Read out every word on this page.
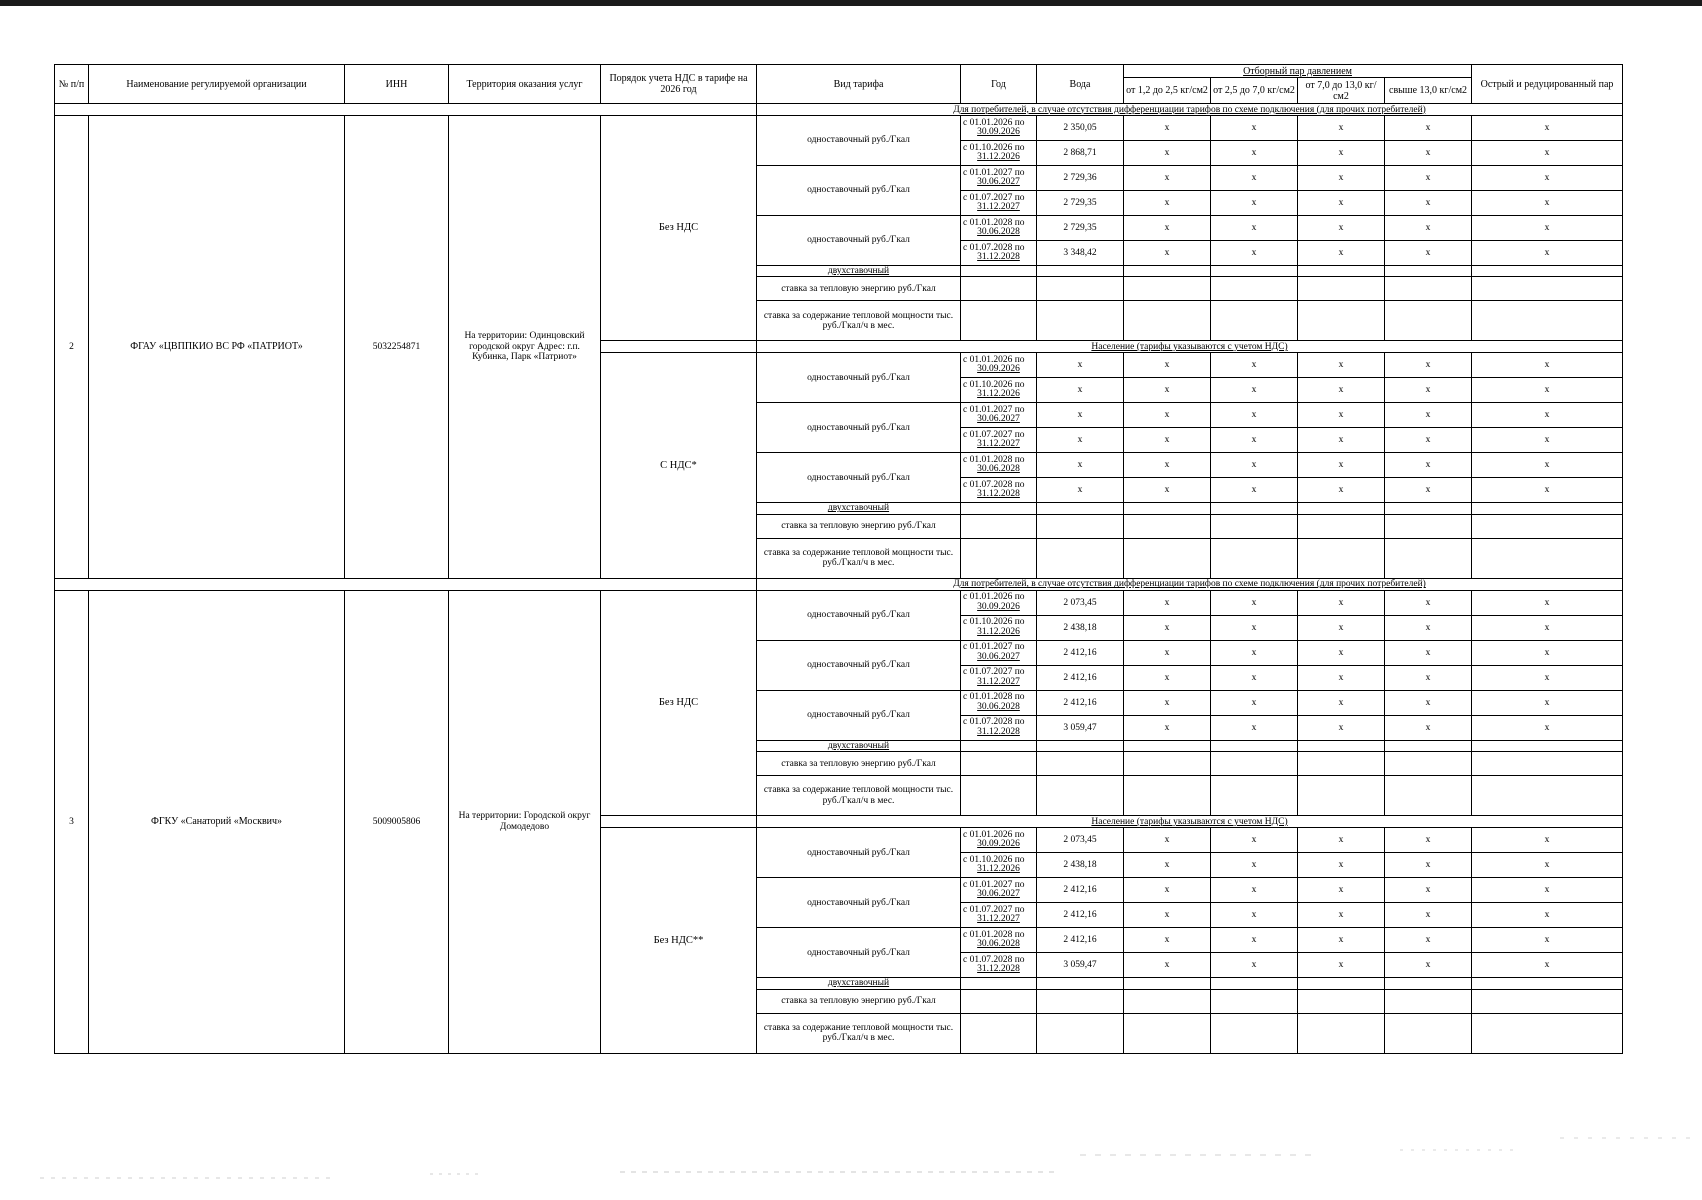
№ п/п	Наименование регулируемой организации	ИНН	Территория оказания услуг	Порядок учета НДС в тарифе на 2026 год	Вид тарифа	Год	Вода	Отборный пар давлением				Острый и редуцированный пар
								от 1,2 до 2,5 кг/см2	от 2,5 до 7,0 кг/см2	от 7,0 до 13,0 кг/см2	свыше 13,0 кг/см2	
					Для потребителей, в случае отсутствия дифференциации тарифов по схеме подключения (для прочих потребителей)							
2	ФГАУ «ЦВППКИО ВС РФ «ПАТРИОТ»	5032254871	На территории: Одинцовский городской округ Адрес: г.п. Кубинка, Парк «Патриот»	Без НДС	одноставочный руб./Гкал	с 01.01.2026 по
30.09.2026	2 350,05	x	x	x	x	x

						с 01.10.2026 по
31.12.2026	2 868,71	x	x	x	x	x
					одноставочный руб./Гкал	с 01.01.2027 по
30.06.2027	2 729,36	x	x	x	x	x

						с 01.07.2027 по
31.12.2027	2 729,35	x	x	x	x	x
					одноставочный руб./Гкал	с 01.01.2028 по
30.06.2028	2 729,35	x	x	x	x	x

						с 01.07.2028 по
31.12.2028	3 348,42	x	x	x	x	x
					двухставочный							
					ставка за тепловую энергию руб./Гкал							
					ставка за содержание тепловой мощности тыс. руб./Гкал/ч в мес.							
					Население (тарифы указываются с учетом НДС)							
				С НДС*	одноставочный руб./Гкал	с 01.01.2026 по
30.09.2026	x	x	x	x	x	x

						с 01.10.2026 по
31.12.2026	x	x	x	x	x	x
					одноставочный руб./Гкал	с 01.01.2027 по
30.06.2027	x	x	x	x	x	x

						с 01.07.2027 по
31.12.2027	x	x	x	x	x	x
					одноставочный руб./Гкал	с 01.01.2028 по
30.06.2028	x	x	x	x	x	x

						с 01.07.2028 по
31.12.2028	x	x	x	x	x	x
					двухставочный							
					ставка за тепловую энергию руб./Гкал							
					ставка за содержание тепловой мощности тыс. руб./Гкал/ч в мес.							
					Для потребителей, в случае отсутствия дифференциации тарифов по схеме подключения (для прочих потребителей)							
3	ФГКУ «Санаторий «Москвич»	5009005806	На территории: Городской округ Домодедово	Без НДС	одноставочный руб./Гкал	с 01.01.2026 по
30.09.2026	2 073,45	x	x	x	x	x

						с 01.10.2026 по
31.12.2026	2 438,18	x	x	x	x	x
					одноставочный руб./Гкал	с 01.01.2027 по
30.06.2027	2 412,16	x	x	x	x	x

						с 01.07.2027 по
31.12.2027	2 412,16	x	x	x	x	x
					одноставочный руб./Гкал	с 01.01.2028 по
30.06.2028	2 412,16	x	x	x	x	x

						с 01.07.2028 по
31.12.2028	3 059,47	x	x	x	x	x
					двухставочный							
					ставка за тепловую энергию руб./Гкал							
					ставка за содержание тепловой мощности тыс. руб./Гкал/ч в мес.							
					Население (тарифы указываются с учетом НДС)							
				Без НДС**	одноставочный руб./Гкал	с 01.01.2026 по
30.09.2026	2 073,45	x	x	x	x	x

						с 01.10.2026 по
31.12.2026	2 438,18	x	x	x	x	x
					одноставочный руб./Гкал	с 01.01.2027 по
30.06.2027	2 412,16	x	x	x	x	x

						с 01.07.2027 по
31.12.2027	2 412,16	x	x	x	x	x
					одноставочный руб./Гкал	с 01.01.2028 по
30.06.2028	2 412,16	x	x	x	x	x

						с 01.07.2028 по
31.12.2028	3 059,47	x	x	x	x	x
					двухставочный							
					ставка за тепловую энергию руб./Гкал							
					ставка за содержание тепловой мощности тыс. руб./Гкал/ч в мес.							
